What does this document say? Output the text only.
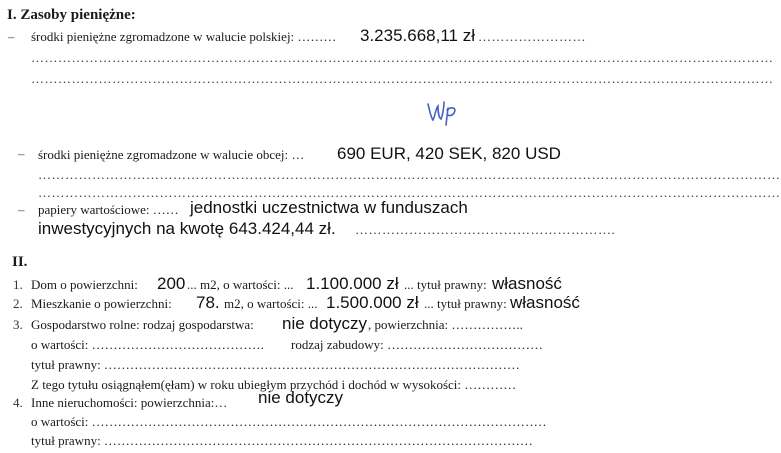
I. Zasoby pieniężne:
– środki pieniężne zgromadzone w walucie polskiej: ……… 3.235.668,11 zł ……………………
…………………………………………………………………………………………………………………………………………………
…………………………………………………………………………………………………………………………………………………
– środki pieniężne zgromadzone w walucie obcej: … 690 EUR, 420 SEK, 820 USD
…………………………………………………………………………………………………………………………………………………
…………………………………………………………………………………………………………………………………………………
– papiery wartościowe: …… jednostki uczestnictwa w funduszach
inwestycyjnych na kwotę 643.424,44 zł. ………………………………………………….
II.
1. Dom o powierzchni: 200 ... m2, o wartości: ... 1.100.000 zł ... tytuł prawny: własność
2. Mieszkanie o powierzchni: 78. m2, o wartości: ... 1.500.000 zł ... tytuł prawny: własność
3. Gospodarstwo rolne: rodzaj gospodarstwa: nie dotyczy , powierzchnia: ……………..
o wartości: …………………………………. rodzaj zabudowy: ………………………………
tytuł prawny: ……………………………………………………………………………………
Z tego tytułu osiągnąłem(ęłam) w roku ubiegłym przychód i dochód w wysokości: …………
4. Inne nieruchomości: powierzchnia:… nie dotyczy
o wartości: ……………………………………………………………………………………………
tytuł prawny: ………………………………………………………………………………………
